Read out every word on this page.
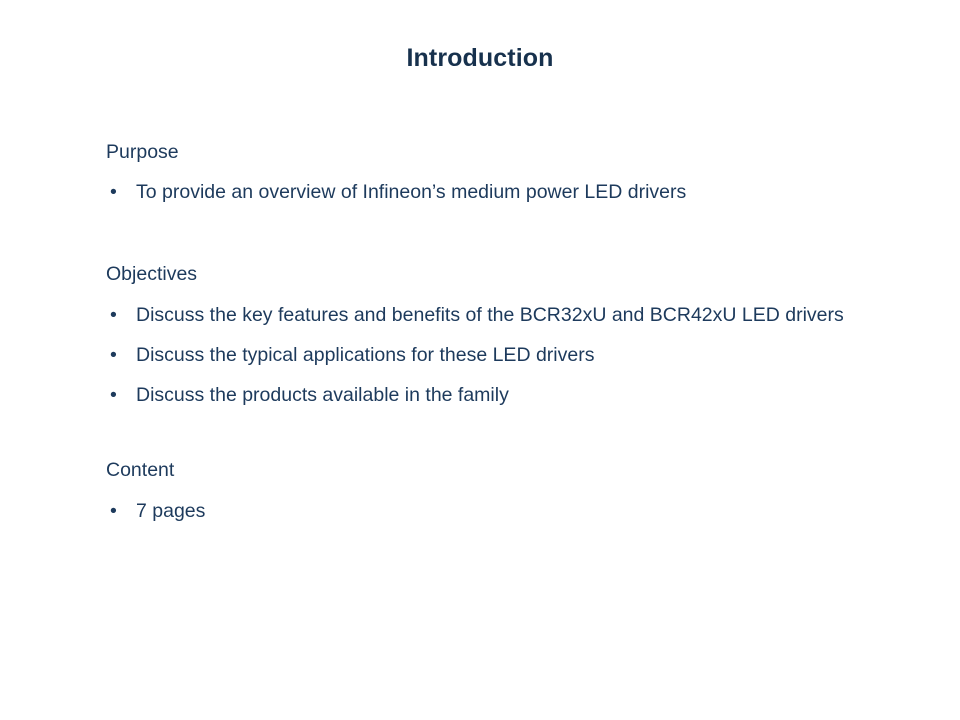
Introduction
Purpose
• To provide an overview of Infineon’s medium power LED drivers
Objectives
• Discuss the key features and benefits of the BCR32xU and BCR42xU LED drivers
• Discuss the typical applications for these LED drivers
• Discuss the products available in the family
Content
• 7 pages
